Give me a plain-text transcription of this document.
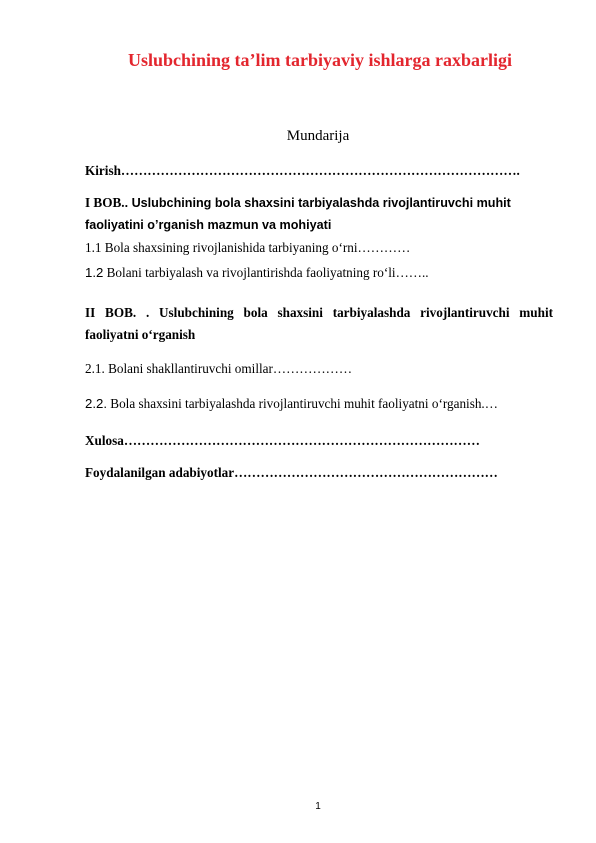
Uslubchining ta’lim tarbiyaviy ishlarga raxbarligi
Mundarija
Kirish……………………………………………………………………………….
I BOB.. Uslubchining bola shaxsini tarbiyalashda rivojlantiruvchi muhit faoliyatini o’rganish mazmun va mohiyati
1.1 Bola shaxsining rivojlanishida tarbiyaning o‘rni…………
1.2 Bolani tarbiyalash va rivojlantirishda faoliyatning ro‘li……..
II BOB. . Uslubchining bola shaxsini tarbiyalashda rivojlantiruvchi muhit faoliyatni o‘rganish
2.1. Bolani shakllantiruvchi omillar………………
2.2. Bola shaxsini tarbiyalashda rivojlantiruvchi muhit faoliyatni o‘rganish.…
Xulosa………………………………………………………………………
Foydalanilgan adabiyotlar……………………………………………………
1
